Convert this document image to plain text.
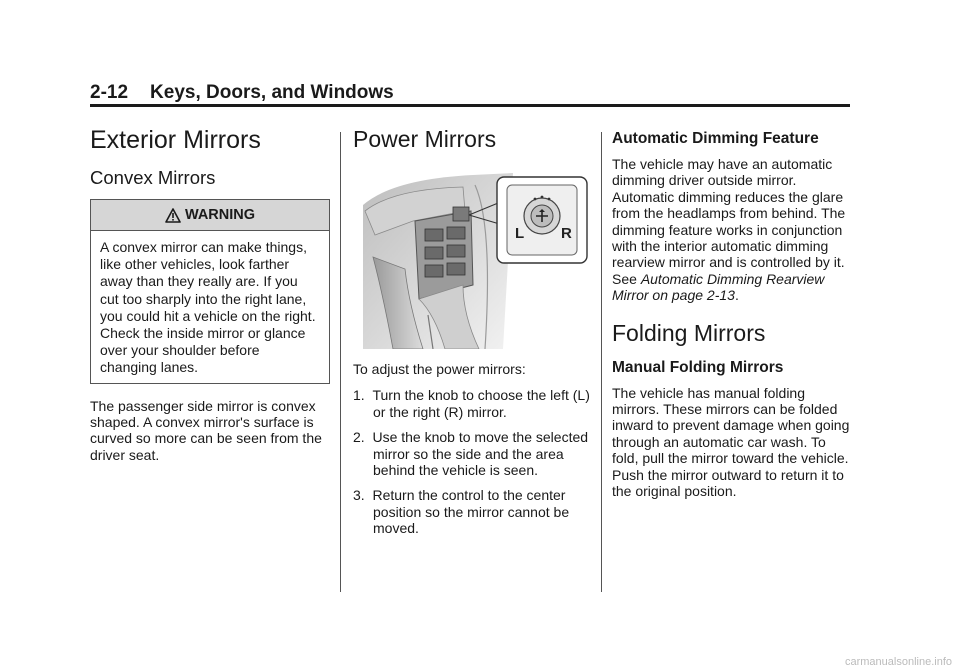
2-12 Keys, Doors, and Windows
Exterior Mirrors
Convex Mirrors
WARNING
A convex mirror can make things, like other vehicles, look farther away than they really are. If you cut too sharply into the right lane, you could hit a vehicle on the right. Check the inside mirror or glance over your shoulder before changing lanes.

The passenger side mirror is convex shaped. A convex mirror's surface is curved so more can be seen from the driver seat.

Power Mirrors
L R

To adjust the power mirrors:

1. Turn the knob to choose the left (L) or the right (R) mirror.
2. Use the knob to move the selected mirror so the side and the area behind the vehicle is seen.
3. Return the control to the center position so the mirror cannot be moved.
Automatic Dimming Feature

The vehicle may have an automatic dimming driver outside mirror. Automatic dimming reduces the glare from the headlamps from behind. The dimming feature works in conjunction with the interior automatic dimming rearview mirror and is controlled by it. See Automatic Dimming Rearview Mirror on page 2-13.

Folding Mirrors
Manual Folding Mirrors

The vehicle has manual folding mirrors. These mirrors can be folded inward to prevent damage when going through an automatic car wash. To fold, pull the mirror toward the vehicle. Push the mirror outward to return it to the original position.

carmanualsonline.info
